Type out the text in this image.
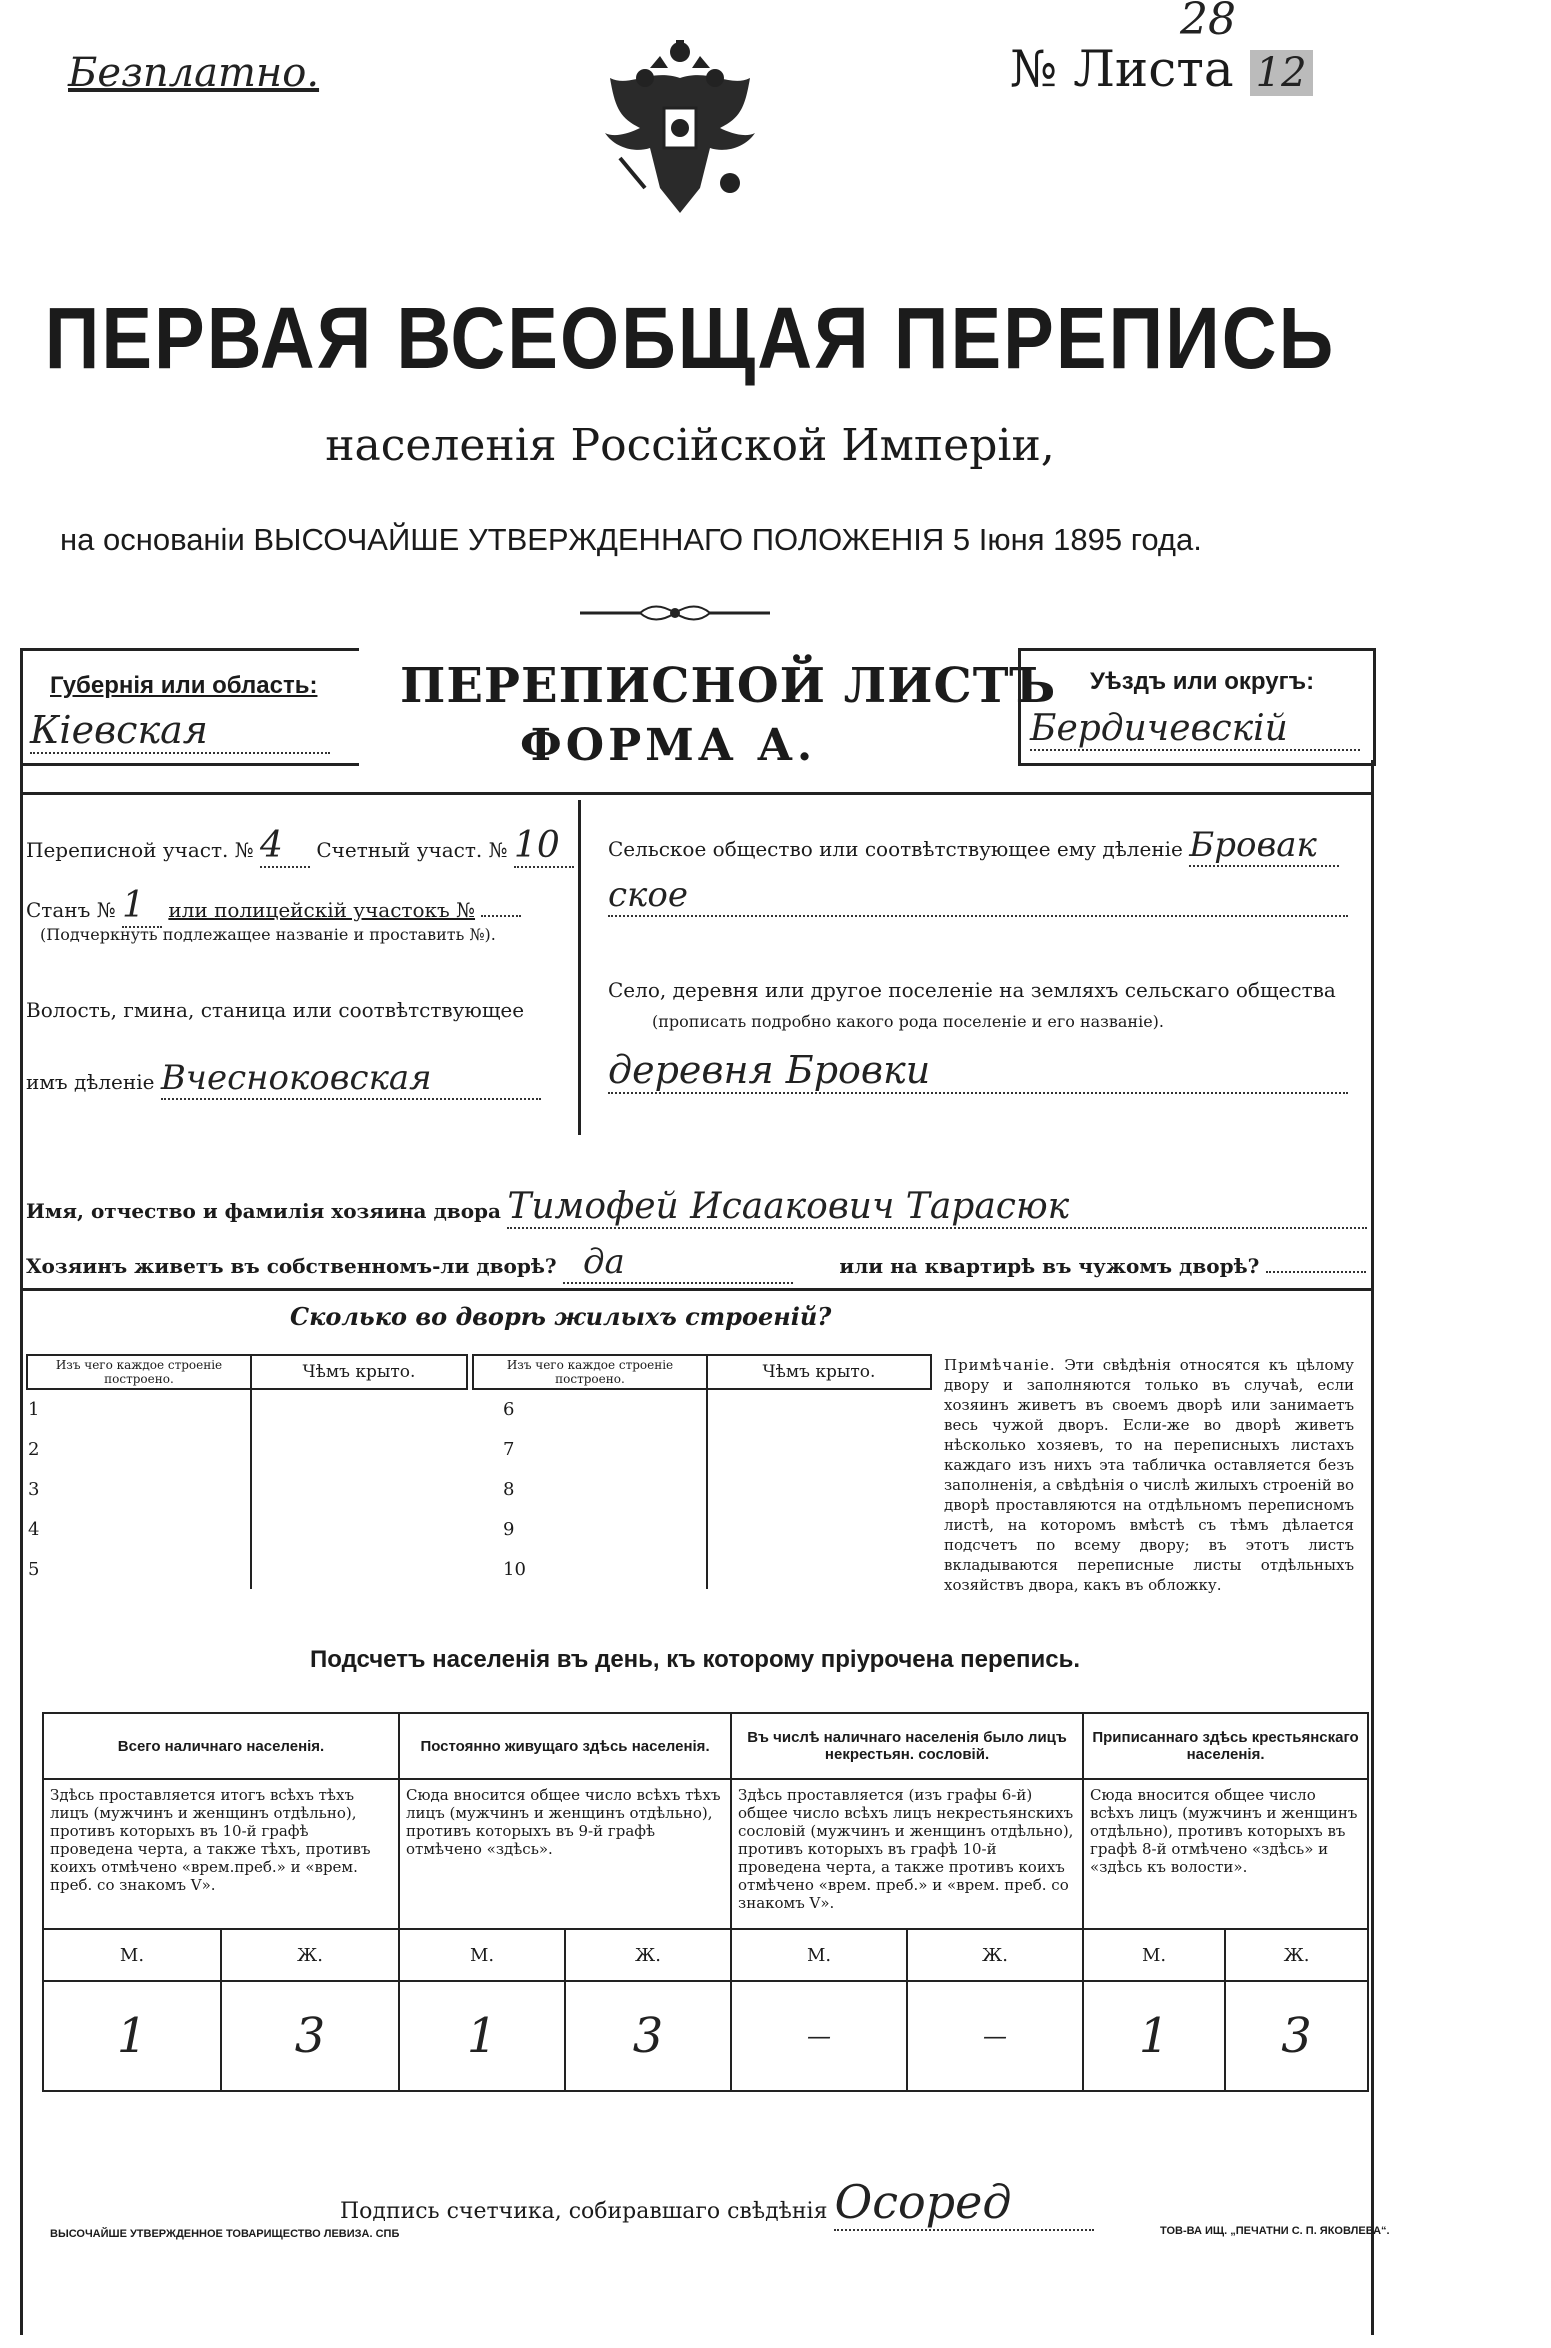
Безплатно.	№ Листа 12
28
ПЕРВАЯ ВСЕОБЩАЯ ПЕРЕПИСЬ
населенія Россійской Имперіи,
на основаніи ВЫСОЧАЙШЕ УТВЕРЖДЕННАГО ПОЛОЖЕНІЯ 5 Іюня 1895 года.
Губернія или область:
Кіевская
ПЕРЕПИСНОЙ ЛИСТЪ
ФОРМА А.
Уѣздъ или округъ:
Бердичевскій
Переписной участ. № 4 Счетный участ. № 10
Станъ № 1 или полицейскій участокъ №
(Подчеркнуть подлежащее названіе и проставить №).
Волость, гмина, станица или соотвѣтствующее
имъ дѣленіе Вчесноковская
Сельское общество или соотвѣтствующее ему дѣленіе Бровак
ское
Село, деревня или другое поселеніе на земляхъ сельскаго общества
(прописать подробно какого рода поселеніе и его названіе).
деревня Бровки
Имя, отчество и фамилія хозяина двора Тимофей Исаакович Тарасюк
Хозяинъ живетъ въ собственномъ-ли дворѣ? да	или на квартирѣ въ чужомъ дворѣ?
Сколько во дворѣ жилыхъ строеній?
Изъ чего каждое строеніе построено.	Чѣмъ крыто.
1	
2	
3	
4	
5	
Изъ чего каждое строеніе построено.	Чѣмъ крыто.
6	
7	
8	
9	
10	
Примѣчаніе. Эти свѣдѣнія относятся къ цѣлому двору и заполняются только въ случаѣ, если хозяинъ живетъ въ своемъ дворѣ или занимаетъ весь чужой дворъ. Если-же во дворѣ живетъ нѣсколько хозяевъ, то на переписныхъ листахъ каждаго изъ нихъ эта табличка оставляется безъ заполненія, а свѣдѣнія о числѣ жилыхъ строеній во дворѣ проставляются на отдѣльномъ переписномъ листѣ, на которомъ вмѣстѣ съ тѣмъ дѣлается подсчетъ по всему двору; въ этотъ листъ вкладываются переписные листы отдѣльныхъ хозяйствъ двора, какъ въ обложку.
Подсчетъ населенія въ день, къ которому пріурочена перепись.
Всего наличнаго населенія.		Постоянно живущаго здѣсь населенія.		Въ числѣ наличнаго населенія было лицъ некрестьян. сословій.		Приписаннаго здѣсь крестьянскаго населенія.	
Здѣсь проставляется итогъ всѣхъ тѣхъ лицъ (мужчинъ и женщинъ отдѣльно), противъ которыхъ въ 10-й графѣ проведена черта, а также тѣхъ, противъ коихъ отмѣчено «врем.преб.» и «врем. преб. со знакомъ V».		Сюда вносится общее число всѣхъ тѣхъ лицъ (мужчинъ и женщинъ отдѣльно), противъ которыхъ въ 9-й графѣ отмѣчено «здѣсь».		Здѣсь проставляется (изъ графы 6-й) общее число всѣхъ лицъ некрестьянскихъ сословій (мужчинъ и женщинъ отдѣльно), противъ которыхъ въ графѣ 10-й проведена черта, а также противъ коихъ отмѣчено «врем. преб.» и «врем. преб. со знакомъ V».		Сюда вносится общее число всѣхъ лицъ (мужчинъ и женщинъ отдѣльно), противъ которыхъ въ графѣ 8-й отмѣчено «здѣсь» и «здѣсь къ волости».	
М.	Ж.	М.	Ж.	М.	Ж.	М.	Ж.
1	3	1	3	—	—	1	3
Подпись счетчика, собиравшаго свѣдѣнія Осоред
ВЫСОЧАЙШЕ УТВЕРЖДЕННОЕ ТОВАРИЩЕСТВО ЛЕВИЗА. СПБ	ТОВ-ВА ИЩ. „ПЕЧАТНИ С. П. ЯКОВЛЕВА“.
